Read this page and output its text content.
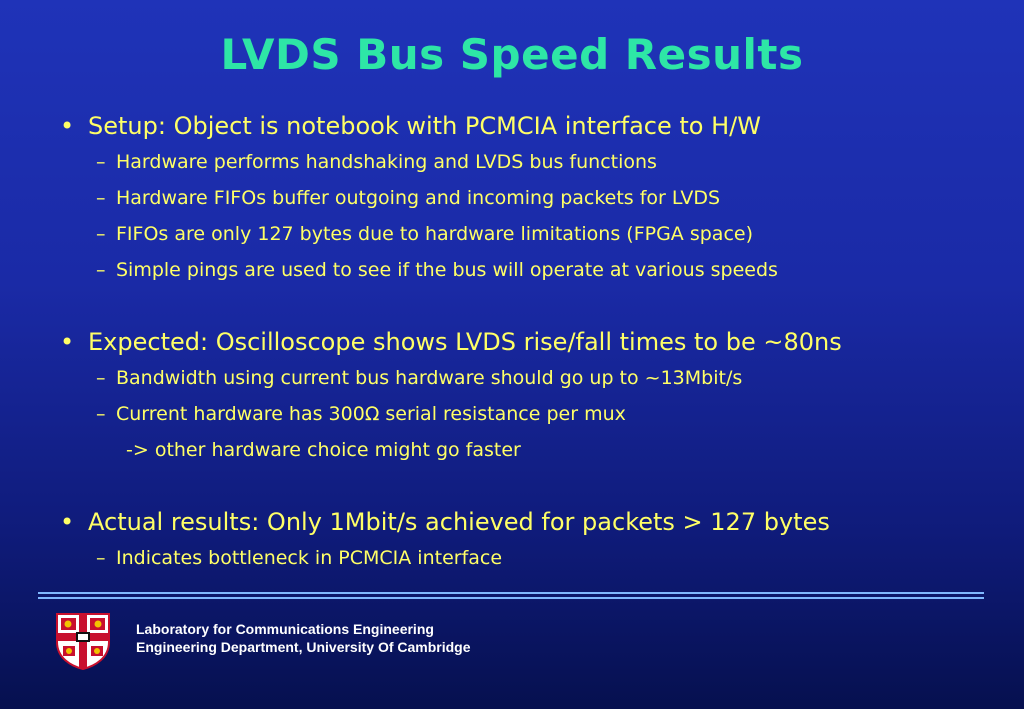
LVDS Bus Speed Results
• Setup: Object is notebook with PCMCIA interface to H/W
– Hardware performs handshaking and LVDS bus functions
– Hardware FIFOs buffer outgoing and incoming packets for LVDS
– FIFOs are only 127 bytes due to hardware limitations (FPGA space)
– Simple pings are used to see if the bus will operate at various speeds
• Expected: Oscilloscope shows LVDS rise/fall times to be ~80ns
– Bandwidth using current bus hardware should go up to ~13Mbit/s
– Current hardware has 300Ω serial resistance per mux
-> other hardware choice might go faster
• Actual results: Only 1Mbit/s achieved for packets > 127 bytes
– Indicates bottleneck in PCMCIA interface
Laboratory for Communications Engineering
Engineering Department, University Of Cambridge
